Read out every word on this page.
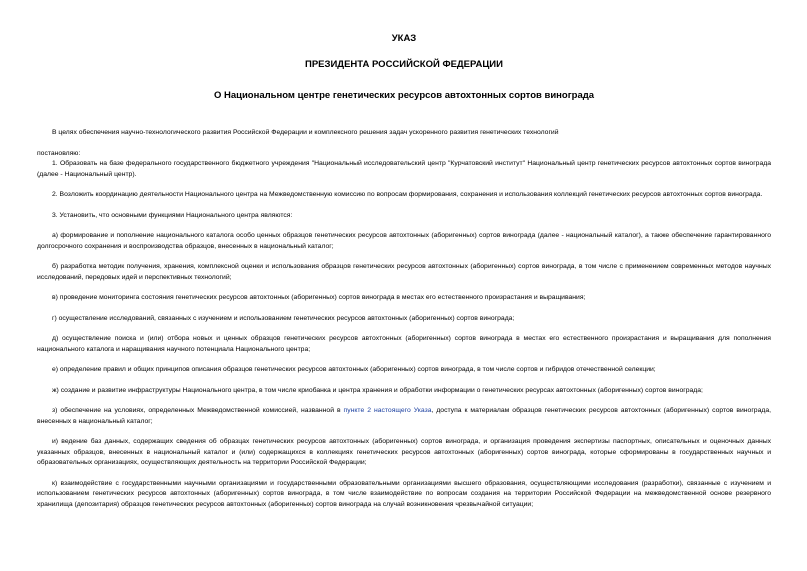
УКАЗ
ПРЕЗИДЕНТА РОССИЙСКОЙ ФЕДЕРАЦИИ
О Национальном центре генетических ресурсов автохтонных сортов винограда

В целях обеспечения научно-технологического развития Российской Федерации и комплексного решения задач ускоренного развития генетических технологий

постановляю:

1. Образовать на базе федерального государственного бюджетного учреждения "Национальный исследовательский центр "Курчатовский институт" Национальный центр генетических ресурсов автохтонных сортов винограда (далее - Национальный центр).

2. Возложить координацию деятельности Национального центра на Межведомственную комиссию по вопросам формирования, сохранения и использования коллекций генетических ресурсов автохтонных сортов винограда.

3. Установить, что основными функциями Национального центра являются:

а) формирование и пополнение национального каталога особо ценных образцов генетических ресурсов автохтонных (аборигенных) сортов винограда (далее - национальный каталог), а также обеспечение гарантированного долгосрочного сохранения и воспроизводства образцов, внесенных в национальный каталог;

б) разработка методик получения, хранения, комплексной оценки и использования образцов генетических ресурсов автохтонных (аборигенных) сортов винограда, в том числе с применением современных методов научных исследований, передовых идей и перспективных технологий;

в) проведение мониторинга состояния генетических ресурсов автохтонных (аборигенных) сортов винограда в местах его естественного произрастания и выращивания;

г) осуществление исследований, связанных с изучением и использованием генетических ресурсов автохтонных (аборигенных) сортов винограда;

д) осуществление поиска и (или) отбора новых и ценных образцов генетических ресурсов автохтонных (аборигенных) сортов винограда в местах его естественного произрастания и выращивания для пополнения национального каталога и наращивания научного потенциала Национального центра;

е) определение правил и общих принципов описания образцов генетических ресурсов автохтонных (аборигенных) сортов винограда, в том числе сортов и гибридов отечественной селекции;

ж) создание и развитие инфраструктуры Национального центра, в том числе криобанка и центра хранения и обработки информации о генетических ресурсах автохтонных (аборигенных) сортов винограда;

з) обеспечение на условиях, определенных Межведомственной комиссией, названной в пункте 2 настоящего Указа, доступа к материалам образцов генетических ресурсов автохтонных (аборигенных) сортов винограда, внесенных в национальный каталог;

и) ведение баз данных, содержащих сведения об образцах генетических ресурсов автохтонных (аборигенных) сортов винограда, и организация проведения экспертизы паспортных, описательных и оценочных данных указанных образцов, внесенных в национальный каталог и (или) содержащихся в коллекциях генетических ресурсов автохтонных (аборигенных) сортов винограда, которые сформированы в государственных научных и образовательных организациях, осуществляющих деятельность на территории Российской Федерации;

к) взаимодействие с государственными научными организациями и государственными образовательными организациями высшего образования, осуществляющими исследования (разработки), связанные с изучением и использованием генетических ресурсов автохтонных (аборигенных) сортов винограда, в том числе взаимодействие по вопросам создания на территории Российской Федерации на межведомственной основе резервного хранилища (депозитария) образцов генетических ресурсов автохтонных (аборигенных) сортов винограда на случай возникновения чрезвычайной ситуации;
